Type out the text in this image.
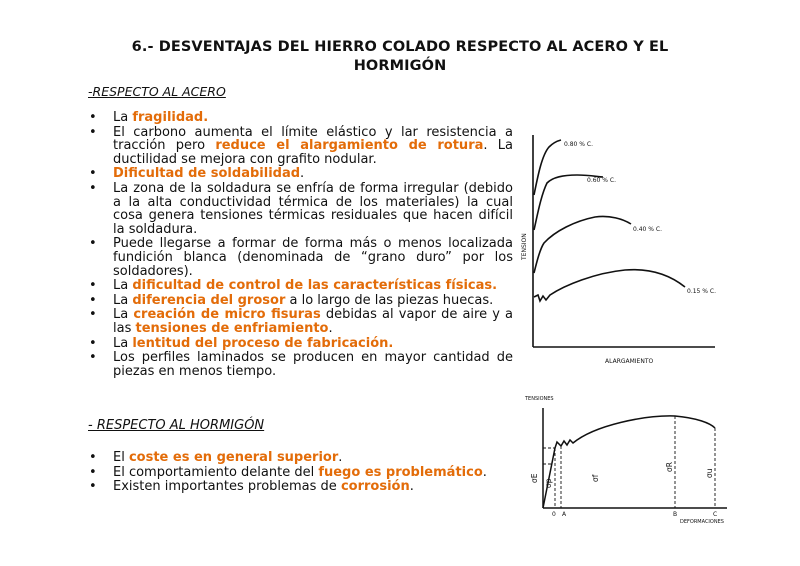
6.- DESVENTAJAS DEL HIERRO COLADO RESPECTO AL ACERO Y EL
HORMIGÓN
-RESPECTO AL ACERO
• La fragilidad.
• El carbono aumenta el límite elástico y lar resistencia a tracción pero reduce el alargamiento de rotura. La ductilidad se mejora con grafito nodular.
• Dificultad de soldabilidad.
• La zona de la soldadura se enfría de forma irregular (debido a la alta conductividad térmica de los materiales) la cual cosa genera tensiones térmicas residuales que hacen difícil la soldadura.
• Puede llegarse a formar de forma más o menos localizada fundición blanca (denominada de “grano duro” por los soldadores).
• La dificultad de control de las características físicas.
• La diferencia del grosor a lo largo de las piezas huecas.
• La creación de micro fisuras debidas al vapor de aire y a las tensiones de enfriamiento.
• La lentitud del proceso de fabricación.
• Los perfiles laminados se producen en mayor cantidad de piezas en menos tiempo.
- RESPECTO AL HORMIGÓN
• El coste es en general superior.
• El comportamiento delante del fuego es problemático.
• Existen importantes problemas de corrosión.
0.80 % C.
0.60 % C.
0.40 % C.
0.15 % C.
ALARGAMIENTO
TENSION
σE
σp
σf
σR
σu
0 A	B	C
DEFORMACIONES
TENSIONES
